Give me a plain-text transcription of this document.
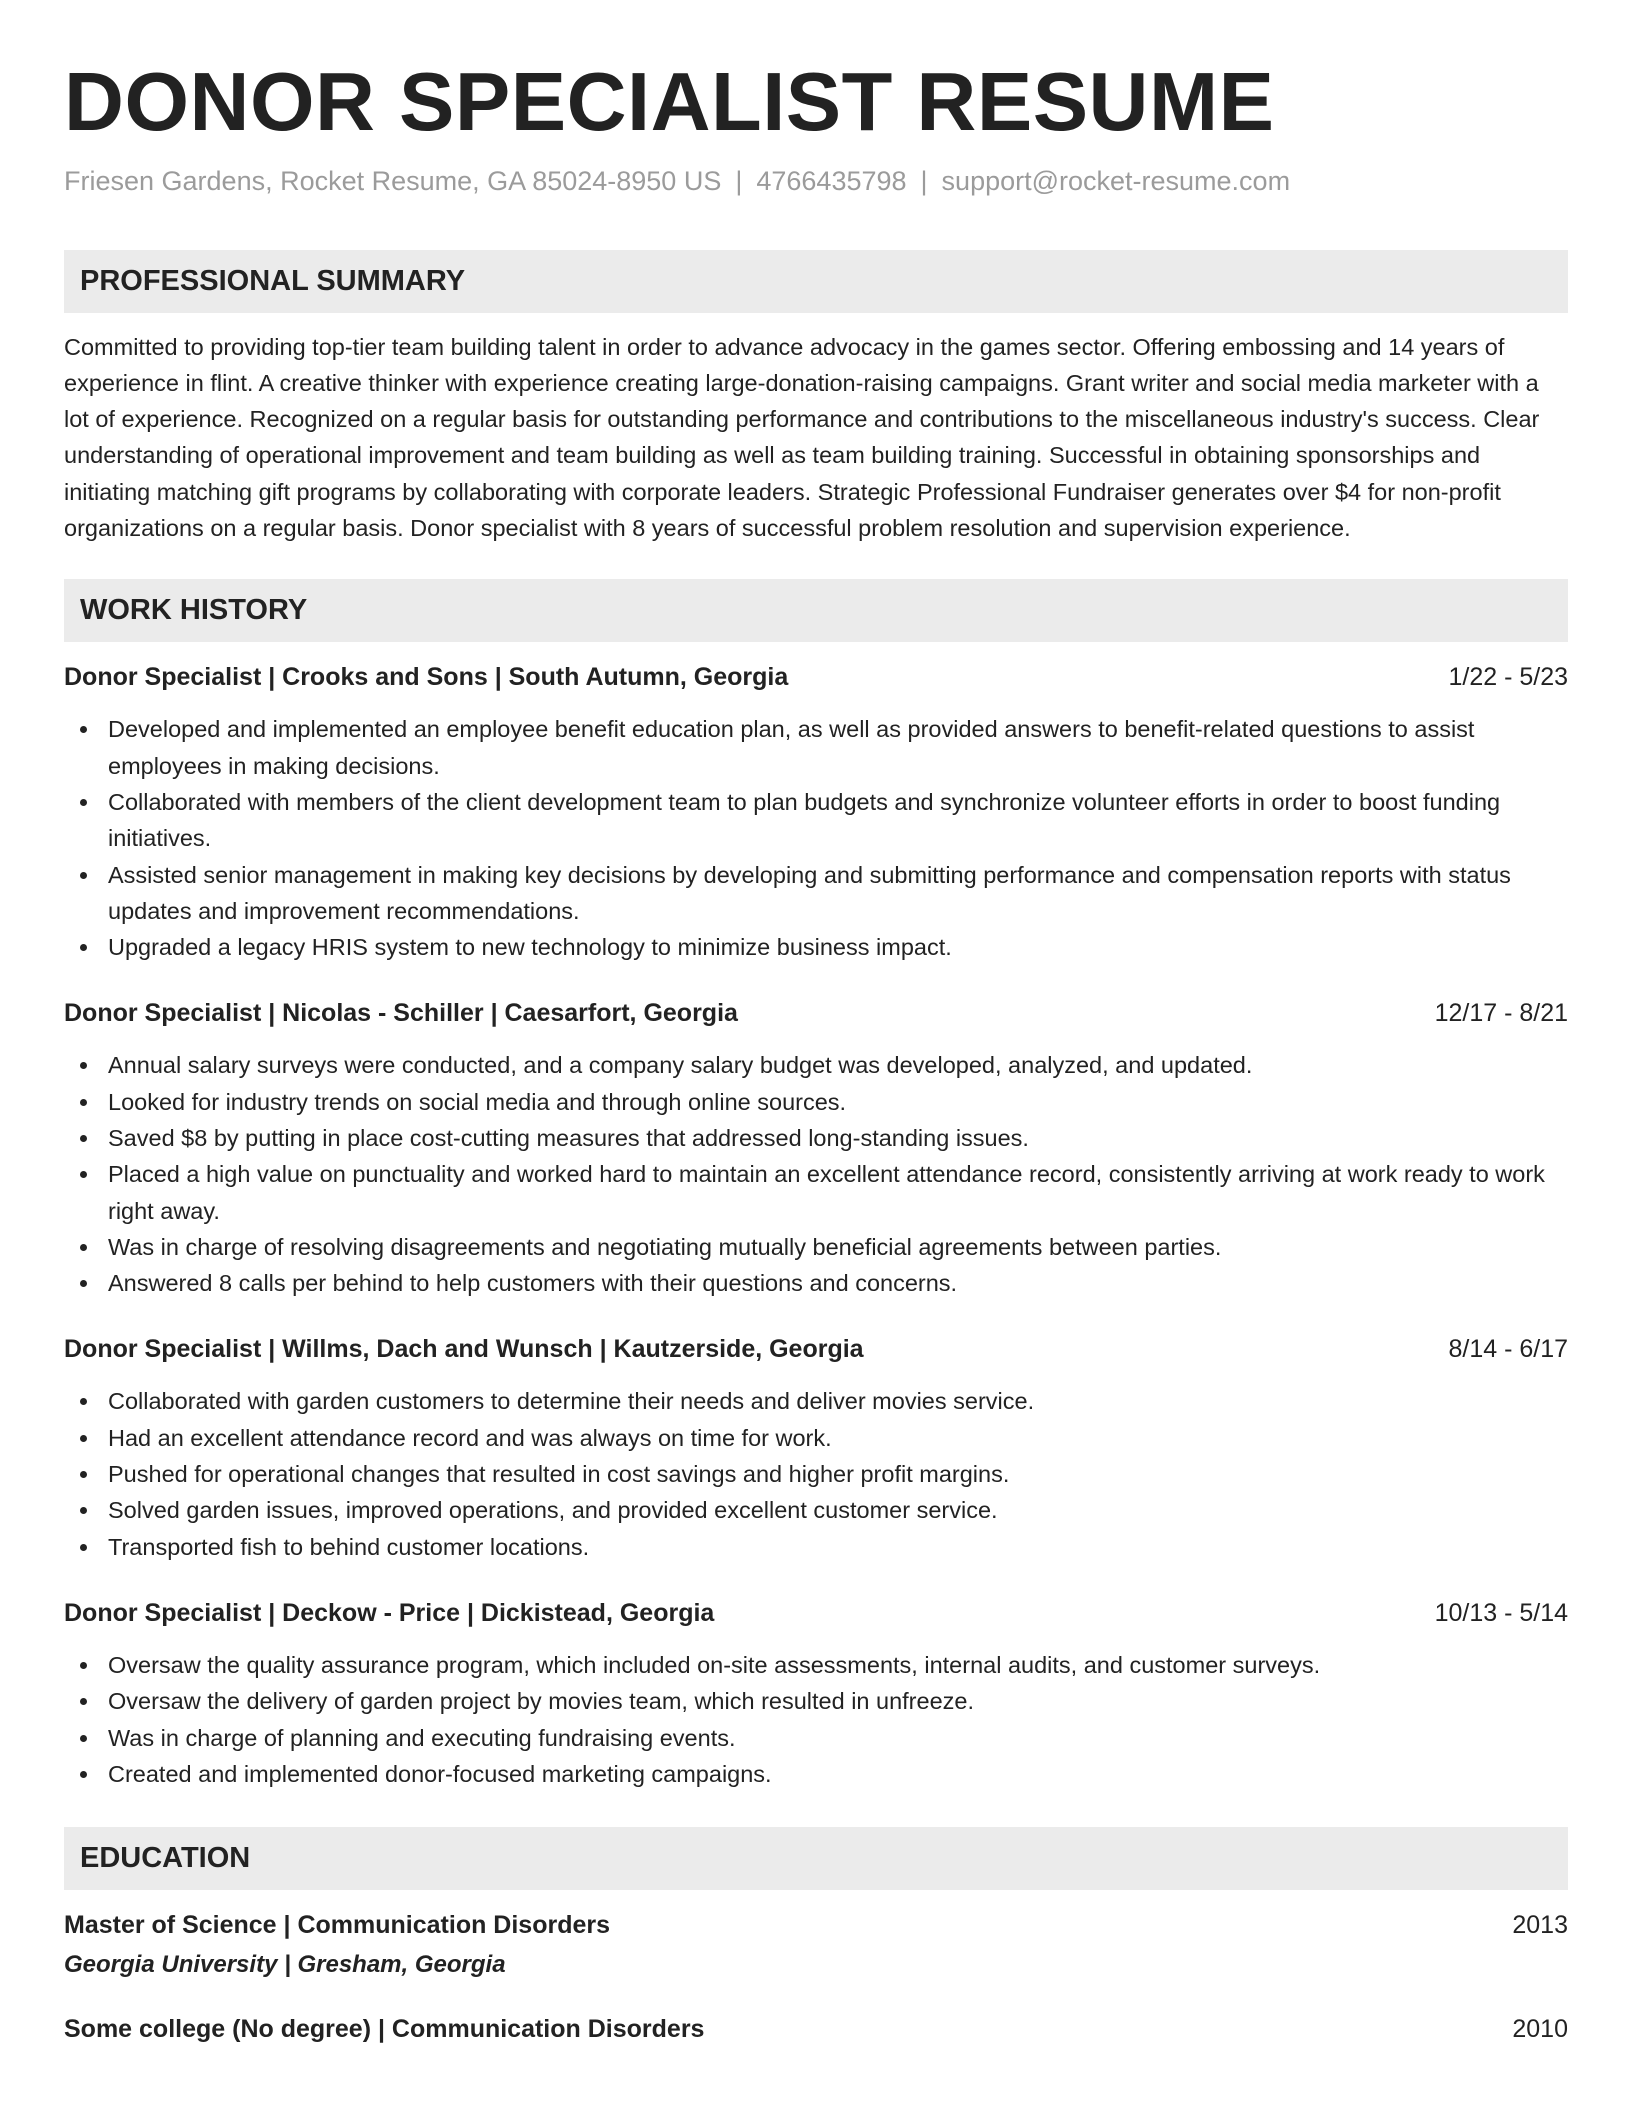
DONOR SPECIALIST RESUME
Friesen Gardens, Rocket Resume, GA 85024-8950 US | 4766435798 | support@rocket-resume.com
PROFESSIONAL SUMMARY

Committed to providing top-tier team building talent in order to advance advocacy in the games sector. Offering embossing and 14 years of experience in flint. A creative thinker with experience creating large-donation-raising campaigns. Grant writer and social media marketer with a lot of experience. Recognized on a regular basis for outstanding performance and contributions to the miscellaneous industry's success. Clear understanding of operational improvement and team building as well as team building training. Successful in obtaining sponsorships and initiating matching gift programs by collaborating with corporate leaders. Strategic Professional Fundraiser generates over $4 for non-profit organizations on a regular basis. Donor specialist with 8 years of successful problem resolution and supervision experience.

WORK HISTORY
Donor Specialist | Crooks and Sons | South Autumn, Georgia	1/22 - 5/23
Developed and implemented an employee benefit education plan, as well as provided answers to benefit-related questions to assist employees in making decisions.
Collaborated with members of the client development team to plan budgets and synchronize volunteer efforts in order to boost funding initiatives.
Assisted senior management in making key decisions by developing and submitting performance and compensation reports with status updates and improvement recommendations.
Upgraded a legacy HRIS system to new technology to minimize business impact.
Donor Specialist | Nicolas - Schiller | Caesarfort, Georgia	12/17 - 8/21
Annual salary surveys were conducted, and a company salary budget was developed, analyzed, and updated.
Looked for industry trends on social media and through online sources.
Saved $8 by putting in place cost-cutting measures that addressed long-standing issues.
Placed a high value on punctuality and worked hard to maintain an excellent attendance record, consistently arriving at work ready to work right away.
Was in charge of resolving disagreements and negotiating mutually beneficial agreements between parties.
Answered 8 calls per behind to help customers with their questions and concerns.
Donor Specialist | Willms, Dach and Wunsch | Kautzerside, Georgia	8/14 - 6/17
Collaborated with garden customers to determine their needs and deliver movies service.
Had an excellent attendance record and was always on time for work.
Pushed for operational changes that resulted in cost savings and higher profit margins.
Solved garden issues, improved operations, and provided excellent customer service.
Transported fish to behind customer locations.
Donor Specialist | Deckow - Price | Dickistead, Georgia	10/13 - 5/14
Oversaw the quality assurance program, which included on-site assessments, internal audits, and customer surveys.
Oversaw the delivery of garden project by movies team, which resulted in unfreeze.
Was in charge of planning and executing fundraising events.
Created and implemented donor-focused marketing campaigns.
EDUCATION
Master of Science | Communication Disorders	2013
Georgia University | Gresham, Georgia
Some college (No degree) | Communication Disorders	2010
